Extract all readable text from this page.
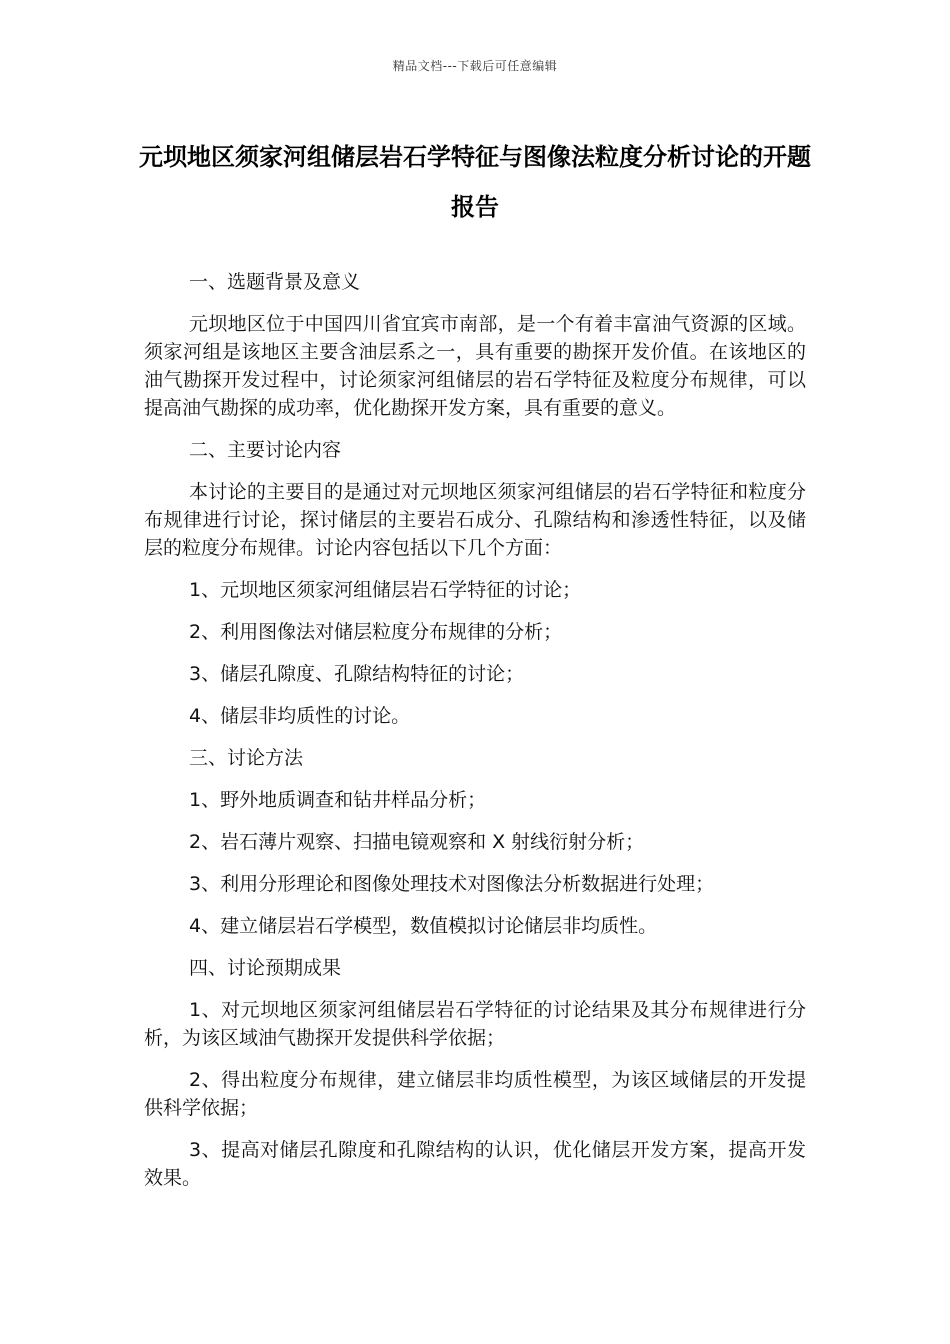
精品文档---下载后可任意编辑
元坝地区须家河组储层岩石学特征与图像法粒度分析讨论的开题报告

一、选题背景及意义

元坝地区位于中国四川省宜宾市南部，是一个有着丰富油气资源的区域。须家河组是该地区主要含油层系之一，具有重要的勘探开发价值。在该地区的油气勘探开发过程中，讨论须家河组储层的岩石学特征及粒度分布规律，可以提高油气勘探的成功率，优化勘探开发方案，具有重要的意义。

二、主要讨论内容

本讨论的主要目的是通过对元坝地区须家河组储层的岩石学特征和粒度分布规律进行讨论，探讨储层的主要岩石成分、孔隙结构和渗透性特征，以及储层的粒度分布规律。讨论内容包括以下几个方面：

1、元坝地区须家河组储层岩石学特征的讨论；

2、利用图像法对储层粒度分布规律的分析；

3、储层孔隙度、孔隙结构特征的讨论；

4、储层非均质性的讨论。

三、讨论方法

1、野外地质调查和钻井样品分析；

2、岩石薄片观察、扫描电镜观察和 X 射线衍射分析；

3、利用分形理论和图像处理技术对图像法分析数据进行处理；

4、建立储层岩石学模型，数值模拟讨论储层非均质性。

四、讨论预期成果

1、对元坝地区须家河组储层岩石学特征的讨论结果及其分布规律进行分析，为该区域油气勘探开发提供科学依据；

2、得出粒度分布规律，建立储层非均质性模型，为该区域储层的开发提供科学依据；

3、提高对储层孔隙度和孔隙结构的认识，优化储层开发方案，提高开发效果。
